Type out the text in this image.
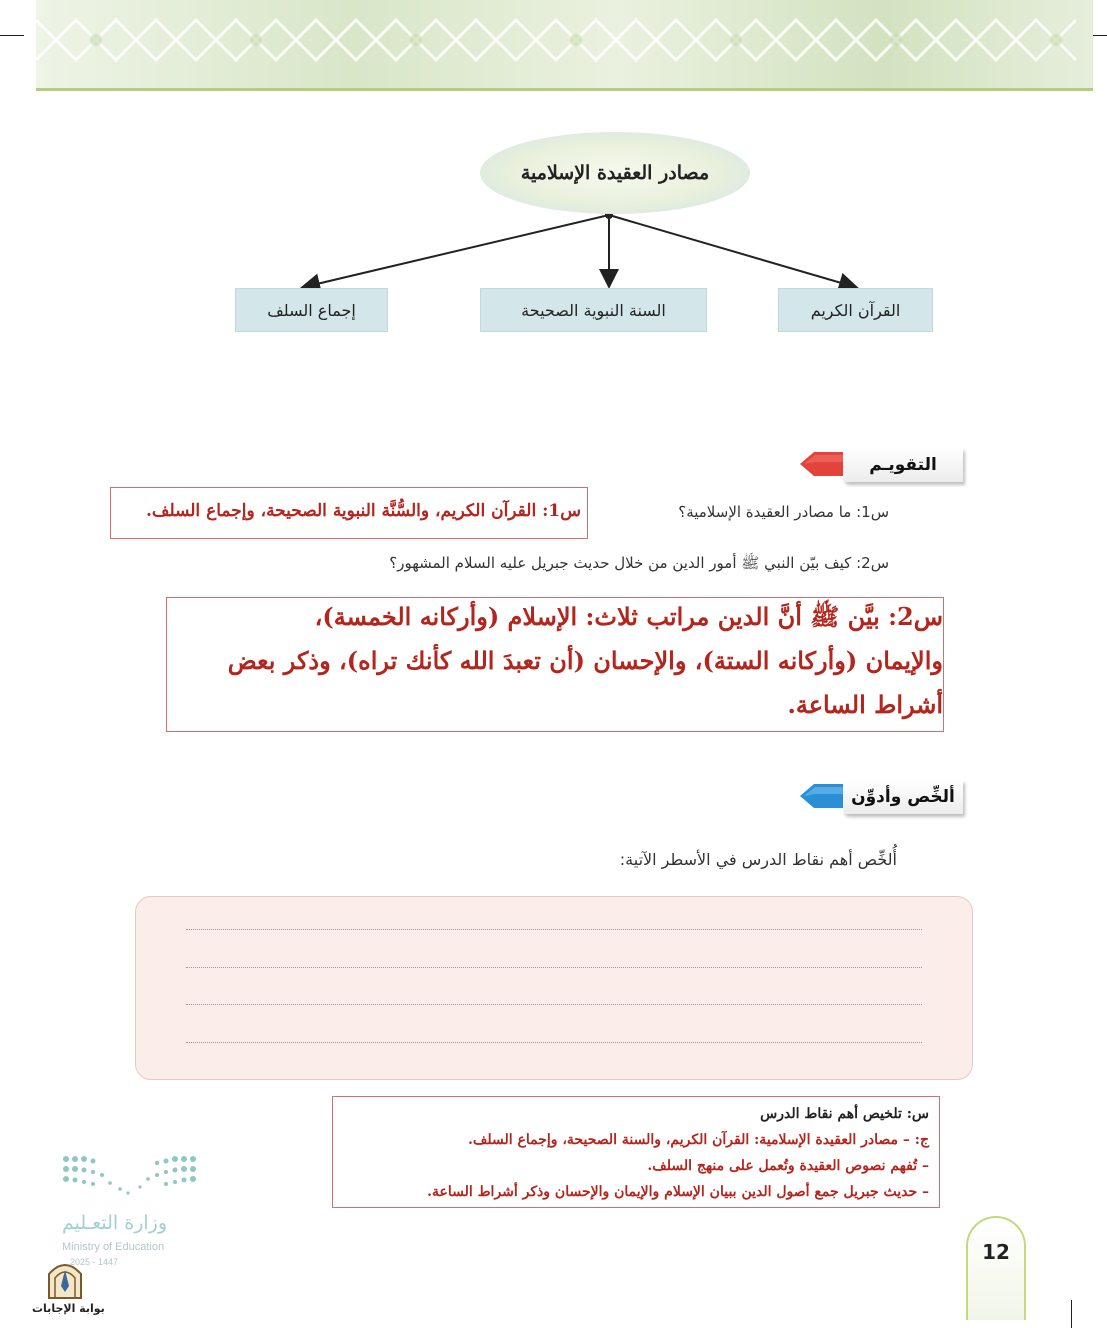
مصادر العقيدة الإسلامية
إجماع السلف	السنة النبوية الصحيحة	القرآن الكريم
التقويـم
س1: ما مصادر العقيدة الإسلامية؟
س1: القرآن الكريم، والسُّنَّة النبوية الصحيحة، وإجماع السلف.
س2: كيف بيّن النبي ﷺ أمور الدين من خلال حديث جبريل عليه السلام المشهور؟
س2: بيَّن ﷺ أنَّ الدين مراتب ثلاث: الإسلام (وأركانه الخمسة)،
والإيمان (وأركانه الستة)، والإحسان (أن تعبدَ الله كأنك تراه)، وذكر بعض
أشراط الساعة.
ألخِّص وأدوِّن
أُلخِّص أهم نقاط الدرس في الأسطر الآتية:
س: تلخيص أهم نقاط الدرس
ج: – مصادر العقيدة الإسلامية: القرآن الكريم، والسنة الصحيحة، وإجماع السلف.
– تُفهم نصوص العقيدة وتُعمل على منهج السلف.
– حديث جبريل جمع أصول الدين ببيان الإسلام والإيمان والإحسان وذكر أشراط الساعة.
وزارة التعـليم
Ministry of Education
2025 - 1447
بوابة الإجابات
12
